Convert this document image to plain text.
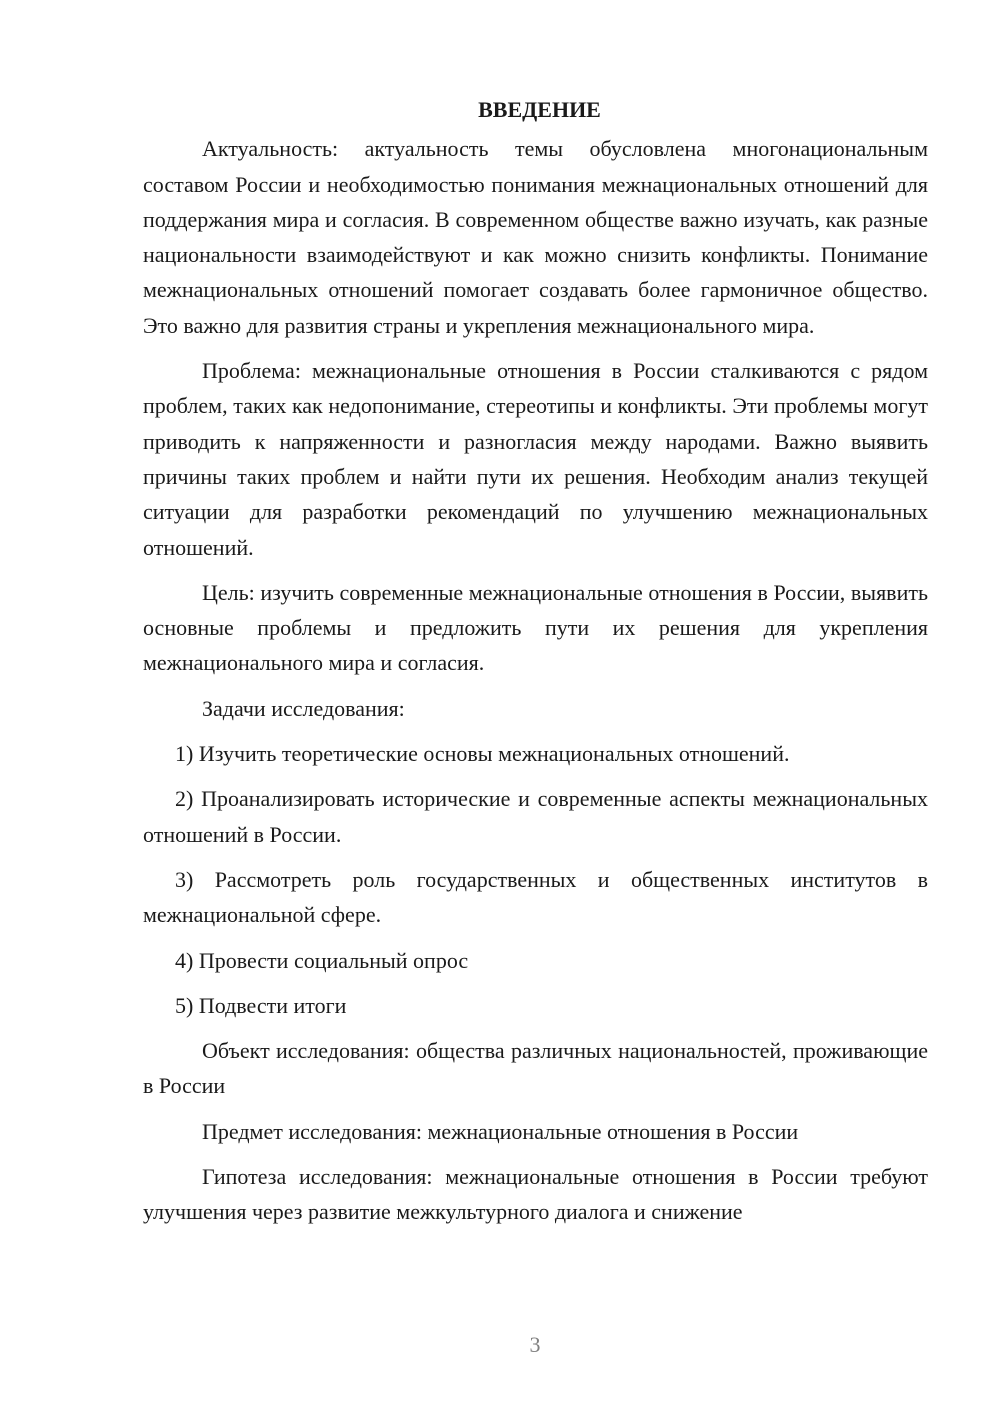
ВВЕДЕНИЕ

Актуальность: актуальность темы обусловлена многонациональным составом России и необходимостью понимания межнациональных отношений для поддержания мира и согласия. В современном обществе важно изучать, как разные национальности взаимодействуют и как можно снизить конфликты. Понимание межнациональных отношений помогает создавать более гармоничное общество. Это важно для развития страны и укрепления межнационального мира.

Проблема: межнациональные отношения в России сталкиваются с рядом проблем, таких как недопонимание, стереотипы и конфликты. Эти проблемы могут приводить к напряженности и разногласия между народами. Важно выявить причины таких проблем и найти пути их решения. Необходим анализ текущей ситуации для разработки рекомендаций по улучшению межнациональных отношений.

Цель: изучить современные межнациональные отношения в России, выявить основные проблемы и предложить пути их решения для укрепления межнационального мира и согласия.

Задачи исследования:

1) Изучить теоретические основы межнациональных отношений.

2) Проанализировать исторические и современные аспекты межнациональных отношений в России.

3) Рассмотреть роль государственных и общественных институтов в межнациональной сфере.

4) Провести социальный опрос

5) Подвести итоги

Объект исследования: общества различных национальностей, проживающие в России

Предмет исследования: межнациональные отношения в России

Гипотеза исследования: межнациональные отношения в России требуют улучшения через развитие межкультурного диалога и снижение

3
